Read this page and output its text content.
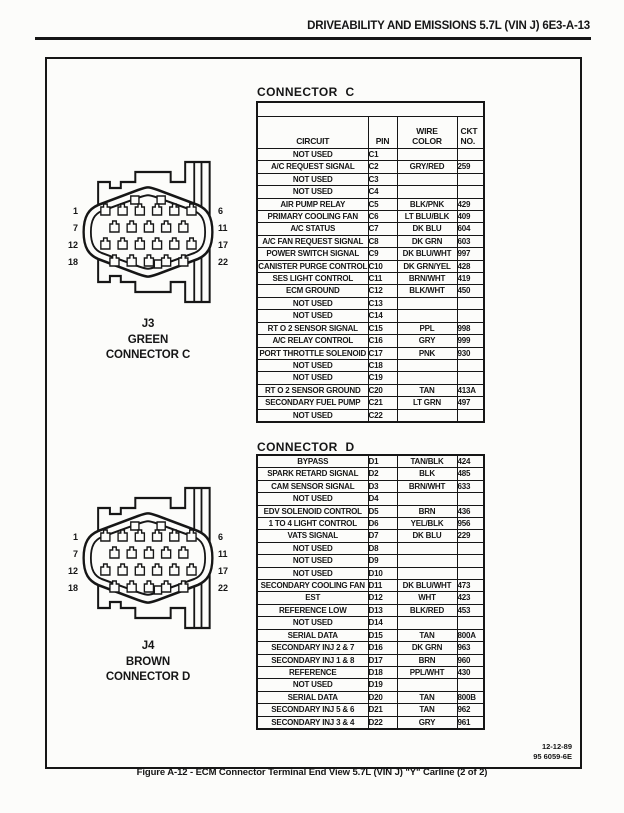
DRIVEABILITY AND EMISSIONS 5.7L (VIN J) 6E3-A-13
1
7
12
18
6
11
17
22
J3
GREEN
CONNECTOR C
1
7
12
18
6
11
17
22
J4
BROWN
CONNECTOR D
CONNECTOR C

CIRCUIT	PIN	WIRE COLOR	CKT NO.

NOT USED	C1		
A/C REQUEST SIGNAL	C2	GRY/RED	259
NOT USED	C3		
NOT USED	C4		
AIR PUMP RELAY	C5	BLK/PNK	429
PRIMARY COOLING FAN	C6	LT BLU/BLK	409
A/C STATUS	C7	DK BLU	604
A/C FAN REQUEST SIGNAL	C8	DK GRN	603
POWER SWITCH SIGNAL	C9	DK BLU/WHT	997
CANISTER PURGE CONTROL	C10	DK GRN/YEL	428
SES LIGHT CONTROL	C11	BRN/WHT	419
ECM GROUND	C12	BLK/WHT	450
NOT USED	C13		
NOT USED	C14		
RT O 2 SENSOR SIGNAL	C15	PPL	998
A/C RELAY CONTROL	C16	GRY	999
PORT THROTTLE SOLENOID	C17	PNK	930
NOT USED	C18		
NOT USED	C19		
RT O 2 SENSOR GROUND	C20	TAN	413A
SECONDARY FUEL PUMP	C21	LT GRN	497
NOT USED	C22		
CONNECTOR D
BYPASS	D1	TAN/BLK	424
SPARK RETARD SIGNAL	D2	BLK	485
CAM SENSOR SIGNAL	D3	BRN/WHT	633
NOT USED	D4		
EDV SOLENOID CONTROL	D5	BRN	436
1 TO 4 LIGHT CONTROL	D6	YEL/BLK	956
VATS SIGNAL	D7	DK BLU	229
NOT USED	D8		
NOT USED	D9		
NOT USED	D10		
SECONDARY COOLING FAN	D11	DK BLU/WHT	473
EST	D12	WHT	423
REFERENCE LOW	D13	BLK/RED	453
NOT USED	D14		
SERIAL DATA	D15	TAN	800A
SECONDARY INJ 2 & 7	D16	DK GRN	963
SECONDARY INJ 1 & 8	D17	BRN	960
REFERENCE	D18	PPL/WHT	430
NOT USED	D19		
SERIAL DATA	D20	TAN	800B
SECONDARY INJ 5 & 6	D21	TAN	962
SECONDARY INJ 3 & 4	D22	GRY	961
12-12-89
95 6059-6E
Figure A-12 - ECM Connector Terminal End View 5.7L (VIN J) "Y" Carline (2 of 2)
